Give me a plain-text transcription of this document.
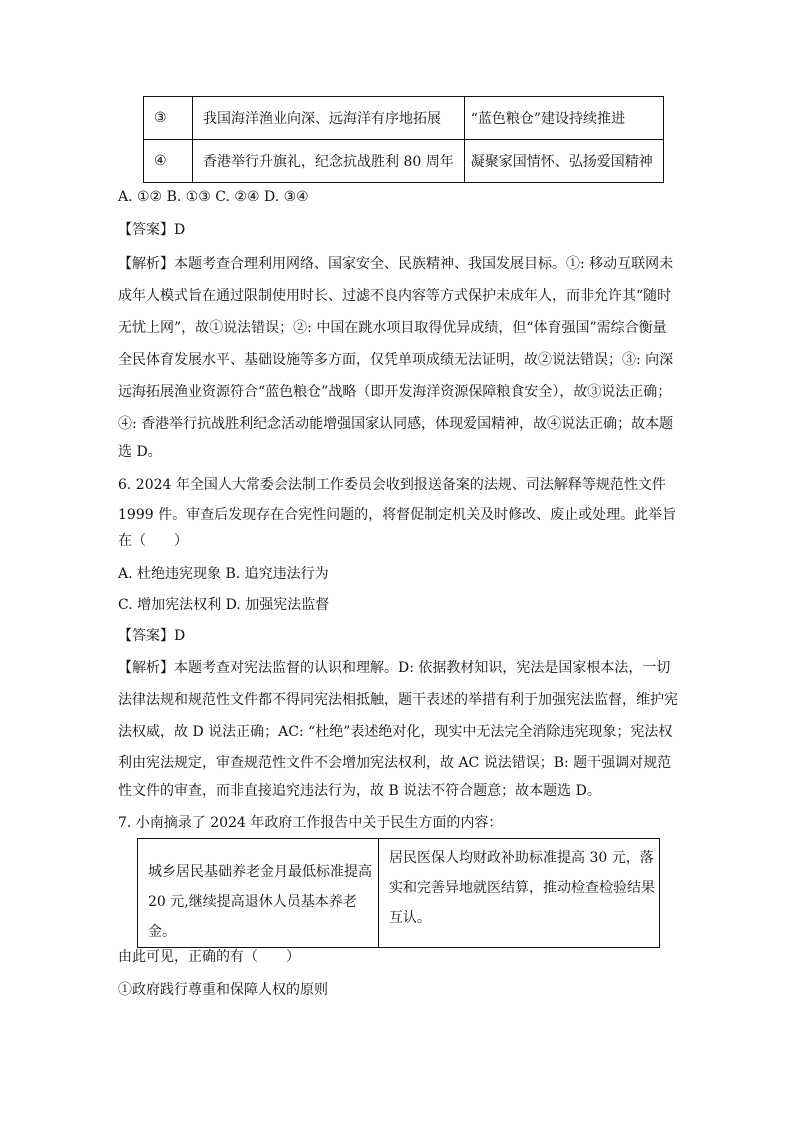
③	我国海洋渔业向深、远海洋有序地拓展	“蓝色粮仓”建设持续推进
④	香港举行升旗礼，纪念抗战胜利 80 周年	凝聚家国情怀、弘扬爱国精神
A. ①② B. ①③ C. ②④ D. ③④
【答案】D
【解析】本题考查合理利用网络、国家安全、民族精神、我国发展目标。①: 移动互联网未
成年人模式旨在通过限制使用时长、过滤不良内容等方式保护未成年人，而非允许其“随时
无忧上网”，故①说法错误；②: 中国在跳水项目取得优异成绩，但“体育强国”需综合衡量
全民体育发展水平、基础设施等多方面，仅凭单项成绩无法证明，故②说法错误；③: 向深
远海拓展渔业资源符合“蓝色粮仓”战略（即开发海洋资源保障粮食安全），故③说法正确；
④: 香港举行抗战胜利纪念活动能增强国家认同感，体现爱国精神，故④说法正确；故本题
选 D。
6. 2024 年全国人大常委会法制工作委员会收到报送备案的法规、司法解释等规范性文件
1999 件。审查后发现存在合宪性问题的，将督促制定机关及时修改、废止或处理。此举旨
在（　　）
A. 杜绝违宪现象 B. 追究违法行为
C. 增加宪法权利 D. 加强宪法监督
【答案】D
【解析】本题考查对宪法监督的认识和理解。D: 依据教材知识，宪法是国家根本法，一切
法律法规和规范性文件都不得同宪法相抵触，题干表述的举措有利于加强宪法监督，维护宪
法权威，故 D 说法正确；AC: “杜绝”表述绝对化，现实中无法完全消除违宪现象；宪法权
利由宪法规定，审查规范性文件不会增加宪法权利，故 AC 说法错误；B: 题干强调对规范
性文件的审查，而非直接追究违法行为，故 B 说法不符合题意；故本题选 D。
7. 小南摘录了 2024 年政府工作报告中关于民生方面的内容：
城乡居民基础养老金月最低标准提高
20 元,继续提高退休人员基本养老金。

居民医保人均财政补助标准提高 30 元，落
实和完善异地就医结算，推动检查检验结果
互认。
由此可见，正确的有（　　）
①政府践行尊重和保障人权的原则
